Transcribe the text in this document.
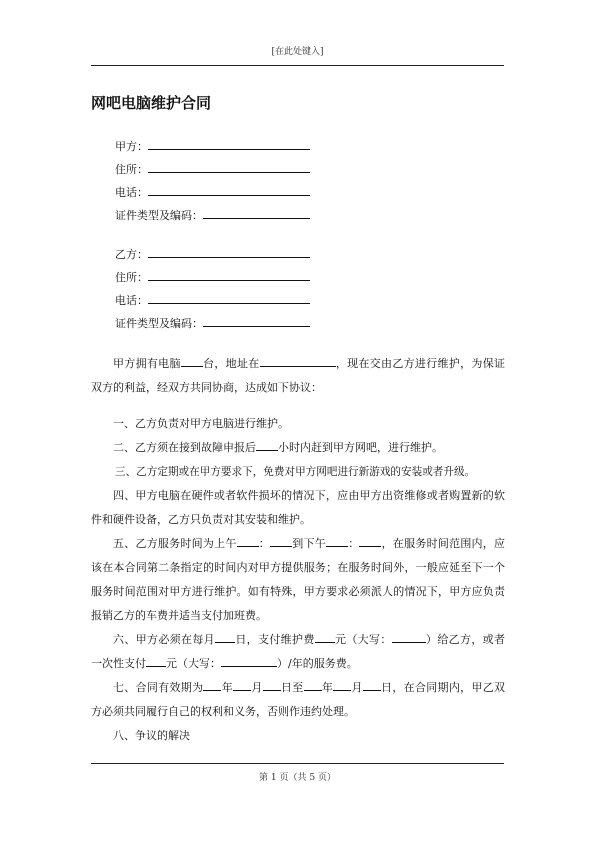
[在此处键入]
网吧电脑维护合同
甲方：
住所：
电话：
证件类型及编码：
乙方：
住所：
电话：
证件类型及编码：
甲方拥有电脑 台，地址在	，现在交由乙方进行维护，为保证双方的利益，经双方共同协商，达成如下协议：
一、乙方负责对甲方电脑进行维护。
二、乙方须在接到故障申报后 小时内赶到甲方网吧，进行维护。
三、乙方定期或在甲方要求下，免费对甲方网吧进行新游戏的安装或者升级。
四、甲方电脑在硬件或者软件损坏的情况下，应由甲方出资维修或者购置新的软件和硬件设备，乙方只负责对其安装和维护。
五、乙方服务时间为上午 ： 到下午 ： ，在服务时间范围内，应该在本合同第二条指定的时间内对甲方提供服务；在服务时间外，一般应延至下一个服务时间范围对甲方进行维护。如有特殊，甲方要求必须派人的情况下，甲方应负责报销乙方的车费并适当支付加班费。
六、甲方必须在每月 日，支付维护费 元（大写：	）给乙方，或者一次性支付 元（大写：	）/年的服务费。
七、合同有效期为 年 月 日至 年 月 日，在合同期内，甲乙双方必须共同履行自己的权利和义务，否则作违约处理。
八、争议的解决
第 1 页（共 5 页）
